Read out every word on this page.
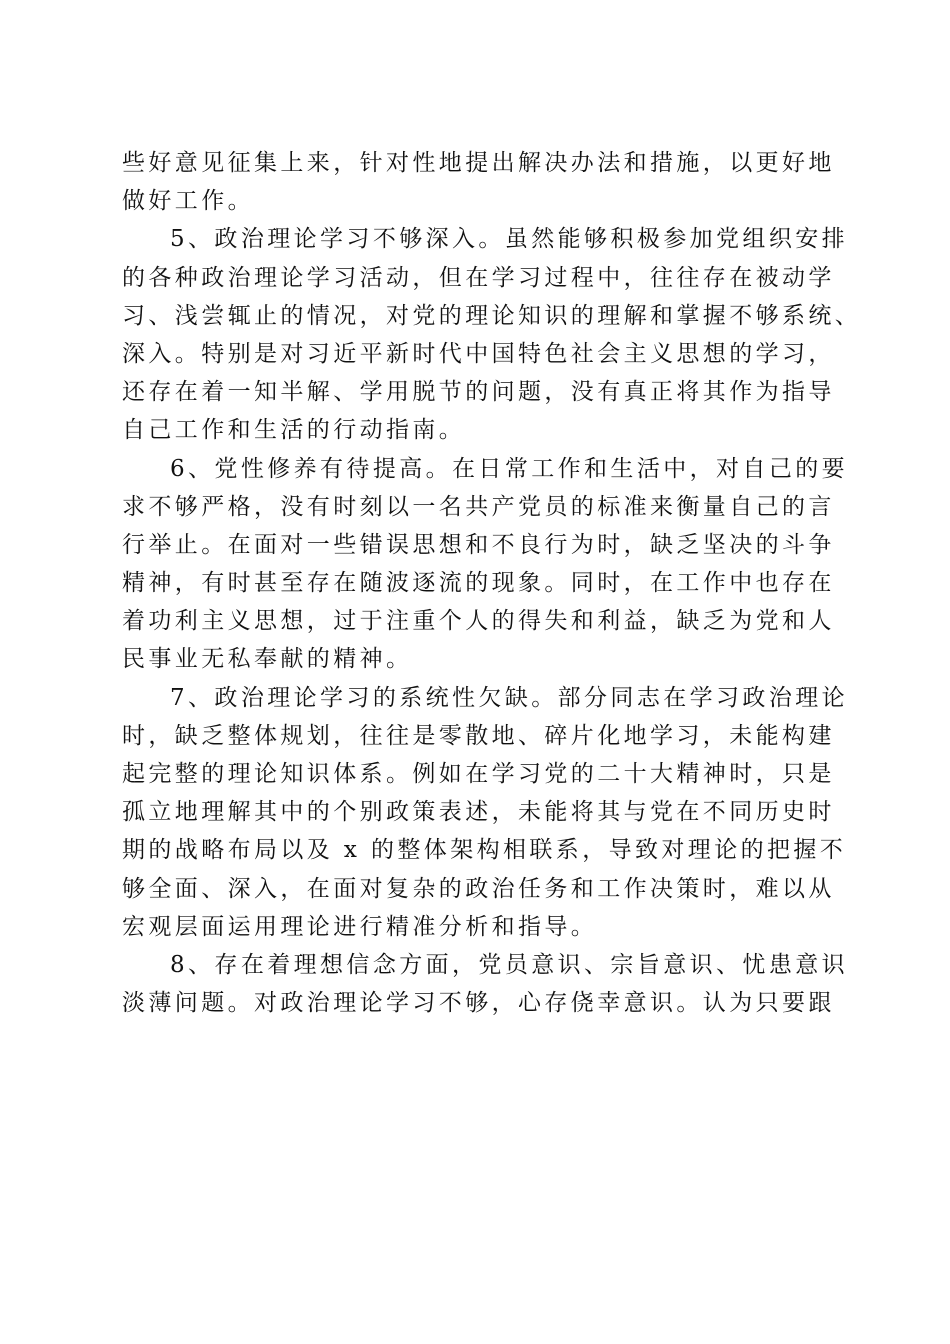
些好意见征集上来，针对性地提出解决办法和措施，以更好地
做好工作。

5、政治理论学习不够深入。虽然能够积极参加党组织安排
的各种政治理论学习活动，但在学习过程中，往往存在被动学
习、浅尝辄止的情况，对党的理论知识的理解和掌握不够系统、
深入。特别是对习近平新时代中国特色社会主义思想的学习，
还存在着一知半解、学用脱节的问题，没有真正将其作为指导
自己工作和生活的行动指南。

6、党性修养有待提高。在日常工作和生活中，对自己的要
求不够严格，没有时刻以一名共产党员的标准来衡量自己的言
行举止。在面对一些错误思想和不良行为时，缺乏坚决的斗争
精神，有时甚至存在随波逐流的现象。同时，在工作中也存在
着功利主义思想，过于注重个人的得失和利益，缺乏为党和人
民事业无私奉献的精神。

7、政治理论学习的系统性欠缺。部分同志在学习政治理论
时，缺乏整体规划，往往是零散地、碎片化地学习，未能构建
起完整的理论知识体系。例如在学习党的二十大精神时，只是
孤立地理解其中的个别政策表述，未能将其与党在不同历史时
期的战略布局以及 x 的整体架构相联系，导致对理论的把握不
够全面、深入，在面对复杂的政治任务和工作决策时，难以从
宏观层面运用理论进行精准分析和指导。

8、存在着理想信念方面，党员意识、宗旨意识、忧患意识
淡薄问题。对政治理论学习不够，心存侥幸意识。认为只要跟
